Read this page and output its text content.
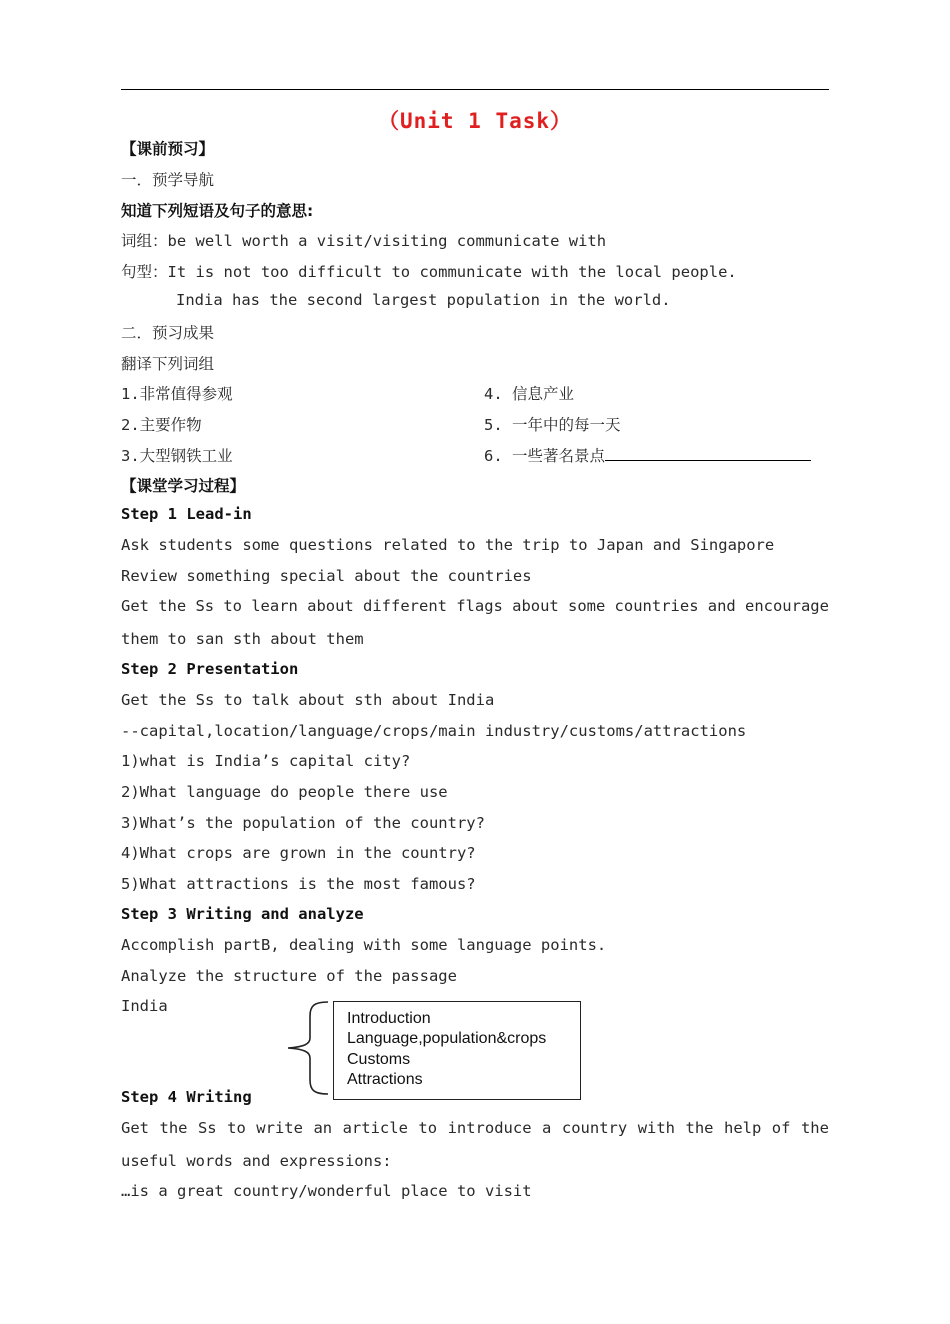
（Unit 1 Task）
【课前预习】
一．预学导航
知道下列短语及句子的意思:
词组：be well worth a visit/visiting communicate with
句型：It is not too difficult to communicate with the local people.
India has the second largest population in the world.
二．预习成果
翻译下列词组
1.非常值得参观	4. 信息产业
2.主要作物	5. 一年中的每一天
3.大型钢铁工业	6. 一些著名景点
【课堂学习过程】
Step 1 Lead-in
Ask students some questions related to the trip to Japan and Singapore
Review something special about the countries
Get the Ss to learn about different flags about some countries and encourage
them to san sth about them
Step 2 Presentation
Get the Ss to talk about sth about India
--capital,location/language/crops/main industry/customs/attractions
1)what is India’s capital city?
2)What language do people there use
3)What’s the population of the country?
4)What crops are grown in the country?
5)What attractions is the most famous?
Step 3 Writing and analyze
Accomplish partB, dealing with some language points.
Analyze the structure of the passage
India
Introduction
Language,population&crops
Customs
Attractions
Step 4 Writing
Get the Ss to write an article to introduce a country with the help of the
useful words and expressions:
…is a great country/wonderful place to visit
